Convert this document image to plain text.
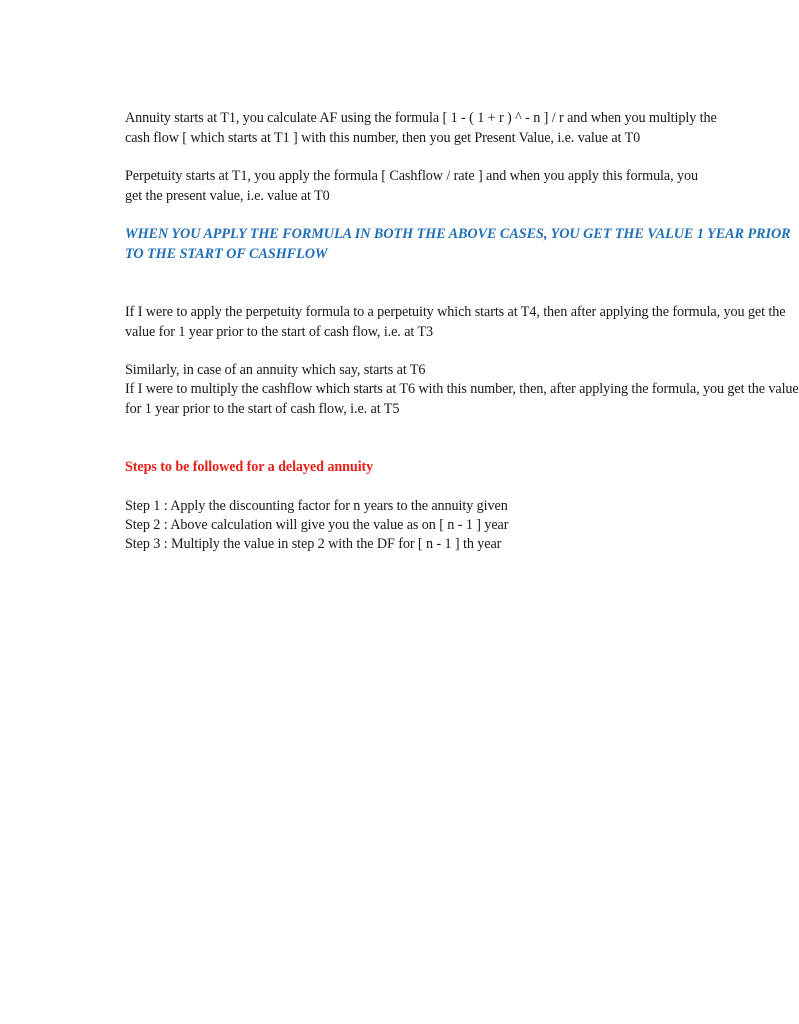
Annuity starts at T1, you calculate AF using the formula [ 1 - ( 1 + r ) ^ - n ] / r and when you multiply the
cash flow [ which starts at T1 ] with this number, then you get Present Value, i.e. value at T0
Perpetuity starts at T1, you apply the formula [ Cashflow / rate ] and when you apply this formula, you
get the present value, i.e. value at T0
WHEN YOU APPLY THE FORMULA IN BOTH THE ABOVE CASES, YOU GET THE VALUE 1 YEAR PRIOR
TO THE START OF CASHFLOW
If I were to apply the perpetuity formula to a perpetuity which starts at T4, then after applying the formula, you get the
value for 1 year prior to the start of cash flow, i.e. at T3
Similarly, in case of an annuity which say, starts at T6
If I were to multiply the cashflow which starts at T6 with this number, then, after applying the formula, you get the value
for 1 year prior to the start of cash flow, i.e. at T5
Steps to be followed for a delayed annuity
Step 1 : Apply the discounting factor for n years to the annuity given
Step 2 : Above calculation will give you the value as on [ n - 1 ] year
Step 3 : Multiply the value in step 2 with the DF for [ n - 1 ] th year
